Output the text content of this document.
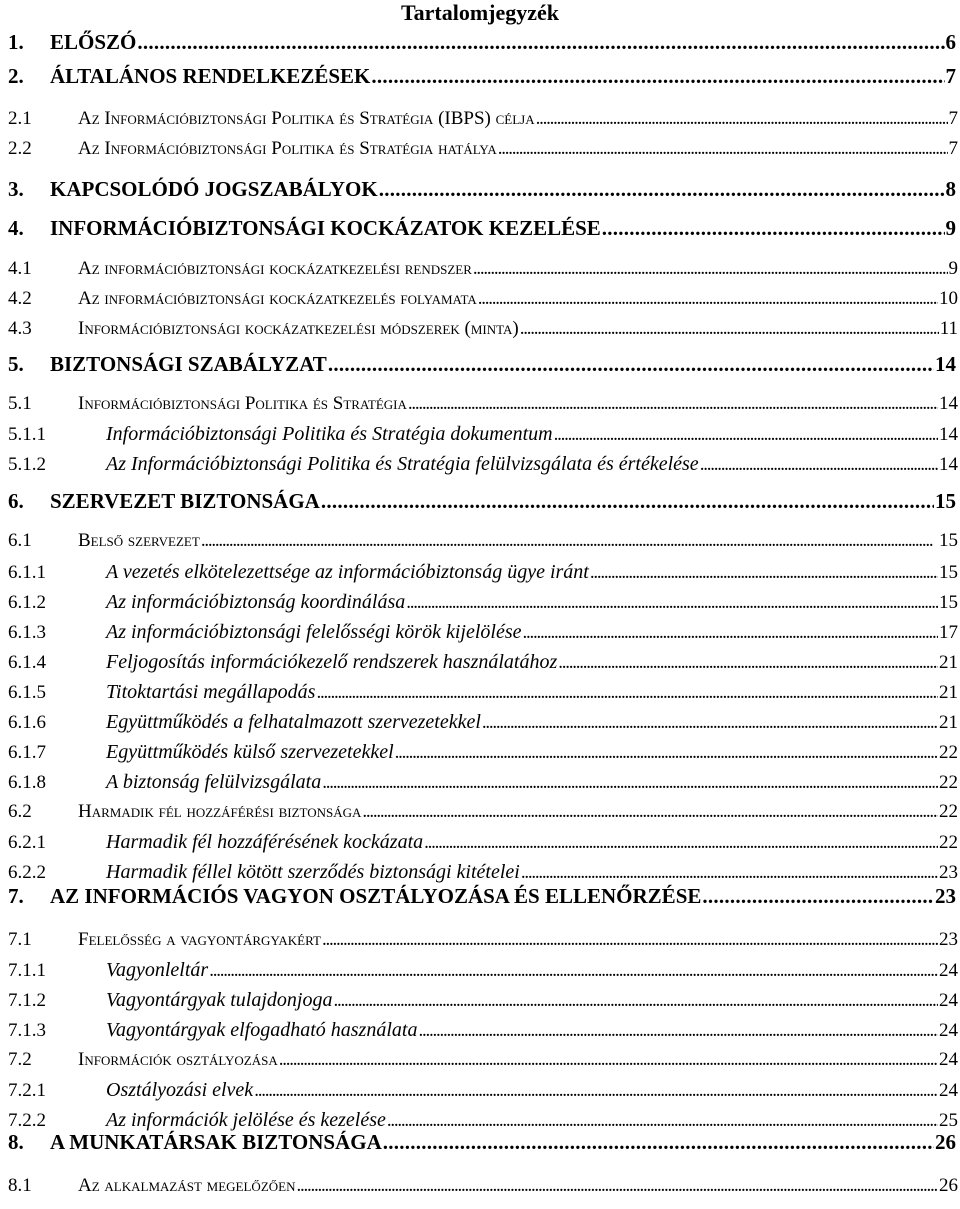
Tartalomjegyzék
1.	ELŐSZÓ . . .	6
2.	ÁLTALÁNOS RENDELKEZÉSEK . . .	7
2.1	Az Információbiztonsági Politika és Stratégia (IBPS) célja . . .	7
2.2	Az Információbiztonsági Politika és Stratégia hatálya . . .	7
3.	KAPCSOLÓDÓ JOGSZABÁLYOK . . .	8
4.	INFORMÁCIÓBIZTONSÁGI KOCKÁZATOK KEZELÉSE . . .	9
4.1	Az információbiztonsági kockázatkezelési rendszer . . .	9
4.2	Az információbiztonsági kockázatkezelés folyamata . . .	10
4.3	Információbiztonsági kockázatkezelési módszerek (minta) . . .	11
5.	BIZTONSÁGI SZABÁLYZAT . . .	14
5.1	Információbiztonsági Politika és Stratégia . . .	14
5.1.1	Információbiztonsági Politika és Stratégia dokumentum . . .	14
5.1.2	Az Információbiztonsági Politika és Stratégia felülvizsgálata és értékelése . . .	14
6.	SZERVEZET BIZTONSÁGA . . .	15
6.1	Belső szervezet . . .	15
6.1.1	A vezetés elkötelezettsége az információbiztonság ügye iránt . . .	15
6.1.2	Az információbiztonság koordinálása . . .	15
6.1.3	Az információbiztonsági felelősségi körök kijelölése . . .	17
6.1.4	Feljogosítás információkezelő rendszerek használatához . . .	21
6.1.5	Titoktartási megállapodás . . .	21
6.1.6	Együttműködés a felhatalmazott szervezetekkel . . .	21
6.1.7	Együttműködés külső szervezetekkel . . .	22
6.1.8	A biztonság felülvizsgálata . . .	22
6.2	Harmadik fél hozzáférési biztonsága . . .	22
6.2.1	Harmadik fél hozzáférésének kockázata . . .	22
6.2.2	Harmadik féllel kötött szerződés biztonsági kitételei . . .	23
7.	AZ INFORMÁCIÓS VAGYON OSZTÁLYOZÁSA ÉS ELLENŐRZÉSE . . .	23
7.1	Felelősség a vagyontárgyakért . . .	23
7.1.1	Vagyonleltár . . .	24
7.1.2	Vagyontárgyak tulajdonjoga . . .	24
7.1.3	Vagyontárgyak elfogadható használata . . .	24
7.2	Információk osztályozása . . .	24
7.2.1	Osztályozási elvek . . .	24
7.2.2	Az információk jelölése és kezelése . . .	25
8.	A MUNKATÁRSAK BIZTONSÁGA . . .	26
8.1	Az alkalmazást megelőzően . . .	26
